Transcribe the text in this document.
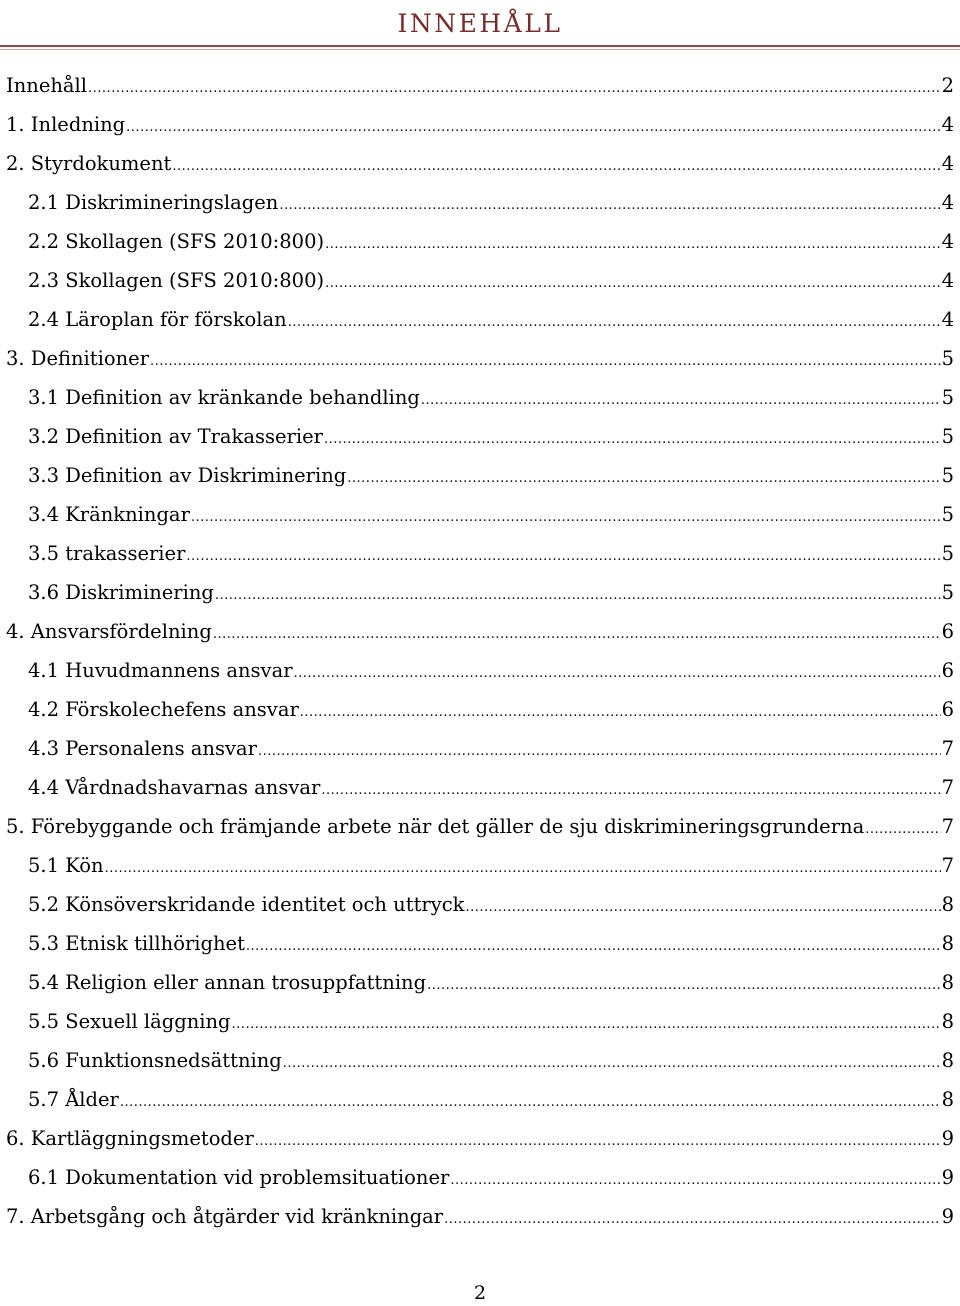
INNEHÅLL
Innehåll .....	2
1. Inledning .....	4
2. Styrdokument .....	4
2.1 Diskrimineringslagen .....	4
2.2 Skollagen (SFS 2010:800) .....	4
2.3 Skollagen (SFS 2010:800) .....	4
2.4 Läroplan för förskolan .....	4
3. Definitioner .....	5
3.1 Definition av kränkande behandling .....	5
3.2 Definition av Trakasserier .....	5
3.3 Definition av Diskriminering .....	5
3.4 Kränkningar .....	5
3.5 trakasserier .....	5
3.6 Diskriminering .....	5
4. Ansvarsfördelning .....	6
4.1 Huvudmannens ansvar .....	6
4.2 Förskolechefens ansvar .....	6
4.3 Personalens ansvar .....	7
4.4 Vårdnadshavarnas ansvar .....	7
5. Förebyggande och främjande arbete när det gäller de sju diskrimineringsgrunderna .....	7
5.1 Kön .....	7
5.2 Könsöverskridande identitet och uttryck .....	8
5.3 Etnisk tillhörighet .....	8
5.4 Religion eller annan trosuppfattning .....	8
5.5 Sexuell läggning .....	8
5.6 Funktionsnedsättning .....	8
5.7 Ålder .....	8
6. Kartläggningsmetoder .....	9
6.1 Dokumentation vid problemsituationer .....	9
7. Arbetsgång och åtgärder vid kränkningar .....	9
2
